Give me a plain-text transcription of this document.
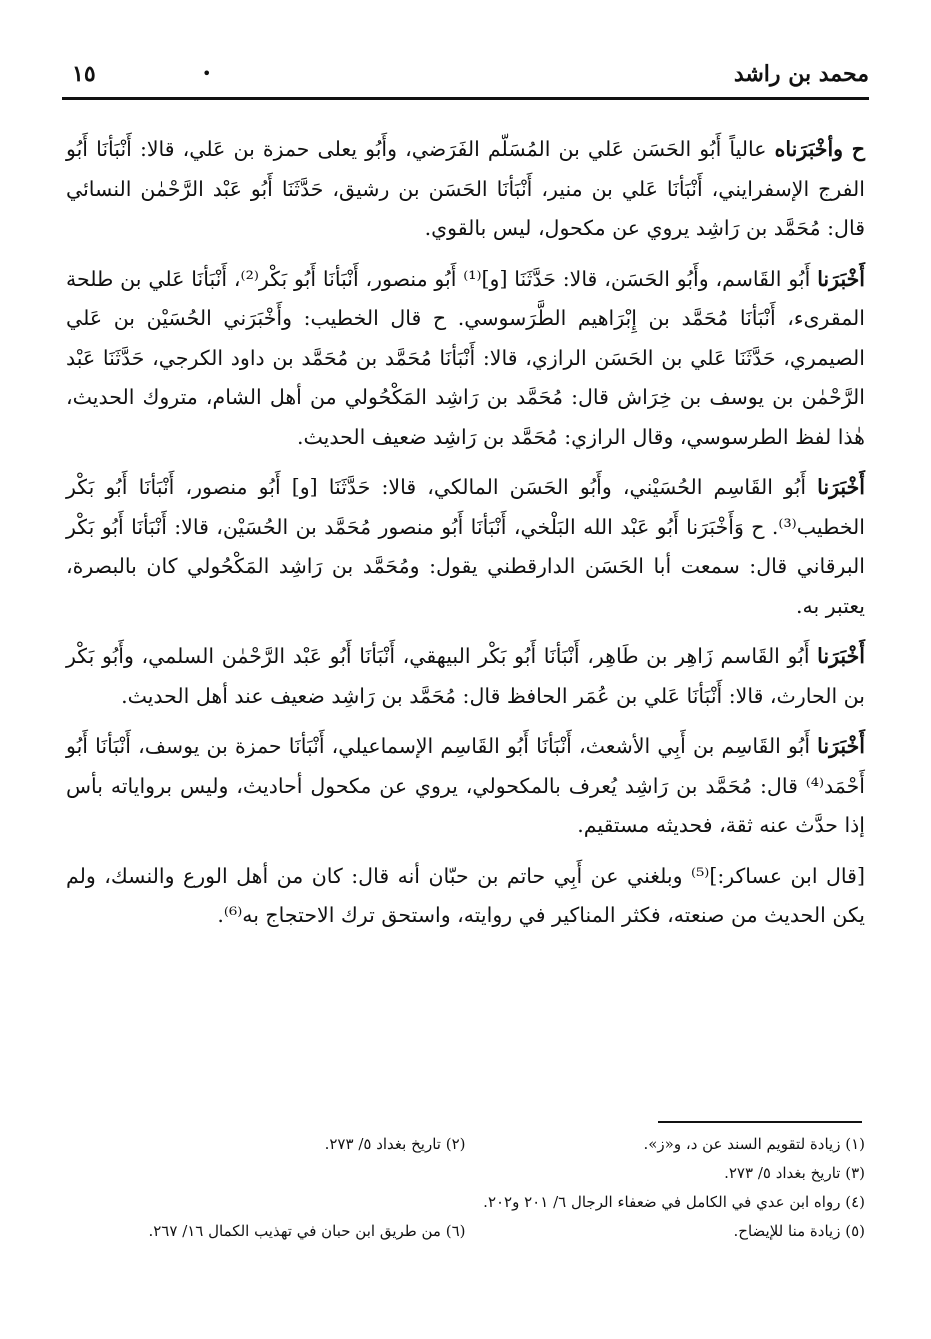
محمد بن راشد
•
١٥

ح وأخْبَرَناه عالياً أَبُو الحَسَن عَلي بن المُسَلّم الفَرَضي، وأَبُو يعلى حمزة بن عَلي، قالا: أَنْبَأنَا أَبُو الفرج الإسفرايني، أَنْبَأنَا عَلي بن منير، أَنْبَأنَا الحَسَن بن رشيق، حَدَّثَنَا أَبُو عَبْد الرَّحْمٰن النسائي قال: مُحَمَّد بن رَاشِد يروي عن مكحول، ليس بالقوي.

أَخْبَرَنا أَبُو القَاسم، وأَبُو الحَسَن، قالا: حَدَّثَنَا [و]⁽¹⁾ أَبُو منصور، أَنْبَأنَا أَبُو بَكْر⁽²⁾، أَنْبَأنَا عَلي بن طلحة المقرىء، أَنْبَأنَا مُحَمَّد بن إِبْرَاهيم الطَّرَسوسي. ح قال الخطيب: وأَخْبَرَني الحُسَيْن بن عَلي الصيمري، حَدَّثَنَا عَلي بن الحَسَن الرازي، قالا: أَنْبَأنَا مُحَمَّد بن مُحَمَّد بن داود الكرجي، حَدَّثَنَا عَبْد الرَّحْمٰن بن يوسف بن خِرَاش قال: مُحَمَّد بن رَاشِد المَكْحُولي من أهل الشام، متروك الحديث، هٰذا لفظ الطرسوسي، وقال الرازي: مُحَمَّد بن رَاشِد ضعيف الحديث.

أَخْبَرَنا أَبُو القَاسِم الحُسَيْني، وأَبُو الحَسَن المالكي، قالا: حَدَّثَنَا [و] أَبُو منصور، أَنْبَأنَا أَبُو بَكْر الخطيب⁽³⁾. ح وَأَخْبَرَنا أَبُو عَبْد الله البَلْخي، أَنْبَأنَا أَبُو منصور مُحَمَّد بن الحُسَيْن، قالا: أَنْبَأنَا أَبُو بَكْر البرقاني قال: سمعت أبا الحَسَن الدارقطني يقول: ومُحَمَّد بن رَاشِد المَكْحُولي كان بالبصرة، يعتبر به.

أَخْبَرَنا أَبُو القَاسم زَاهِر بن طَاهِر، أَنْبَأنَا أَبُو بَكْر البيهقي، أَنْبَأنَا أَبُو عَبْد الرَّحْمٰن السلمي، وأَبُو بَكْر بن الحارث، قالا: أَنْبَأنَا عَلي بن عُمَر الحافظ قال: مُحَمَّد بن رَاشِد ضعيف عند أهل الحديث.

أَخْبَرَنا أَبُو القَاسِم بن أَبِي الأشعث، أَنْبَأنَا أَبُو القَاسِم الإسماعيلي، أَنْبَأنَا حمزة بن يوسف، أَنْبَأنَا أَبُو أَحْمَد⁽⁴⁾ قال: مُحَمَّد بن رَاشِد يُعرف بالمكحولي، يروي عن مكحول أحاديث، وليس برواياته بأس إذا حدَّث عنه ثقة، فحديثه مستقيم.

[قال ابن عساكر:]⁽⁵⁾ وبلغني عن أَبِي حاتم بن حبّان أنه قال: كان من أهل الورع والنسك، ولم يكن الحديث من صنعته، فكثر المناكير في روايته، واستحق ترك الاحتجاج به⁽⁶⁾.

(١) زيادة لتقويم السند عن د، و«ز».
(٢) تاريخ بغداد ٥/ ٢٧٣.
(٣) تاريخ بغداد ٥/ ٢٧٣.
(٤) رواه ابن عدي في الكامل في ضعفاء الرجال ٦/ ٢٠١ و٢٠٢.
(٥) زيادة منا للإيضاح.
(٦) من طريق ابن حبان في تهذيب الكمال ١٦/ ٢٦٧.
